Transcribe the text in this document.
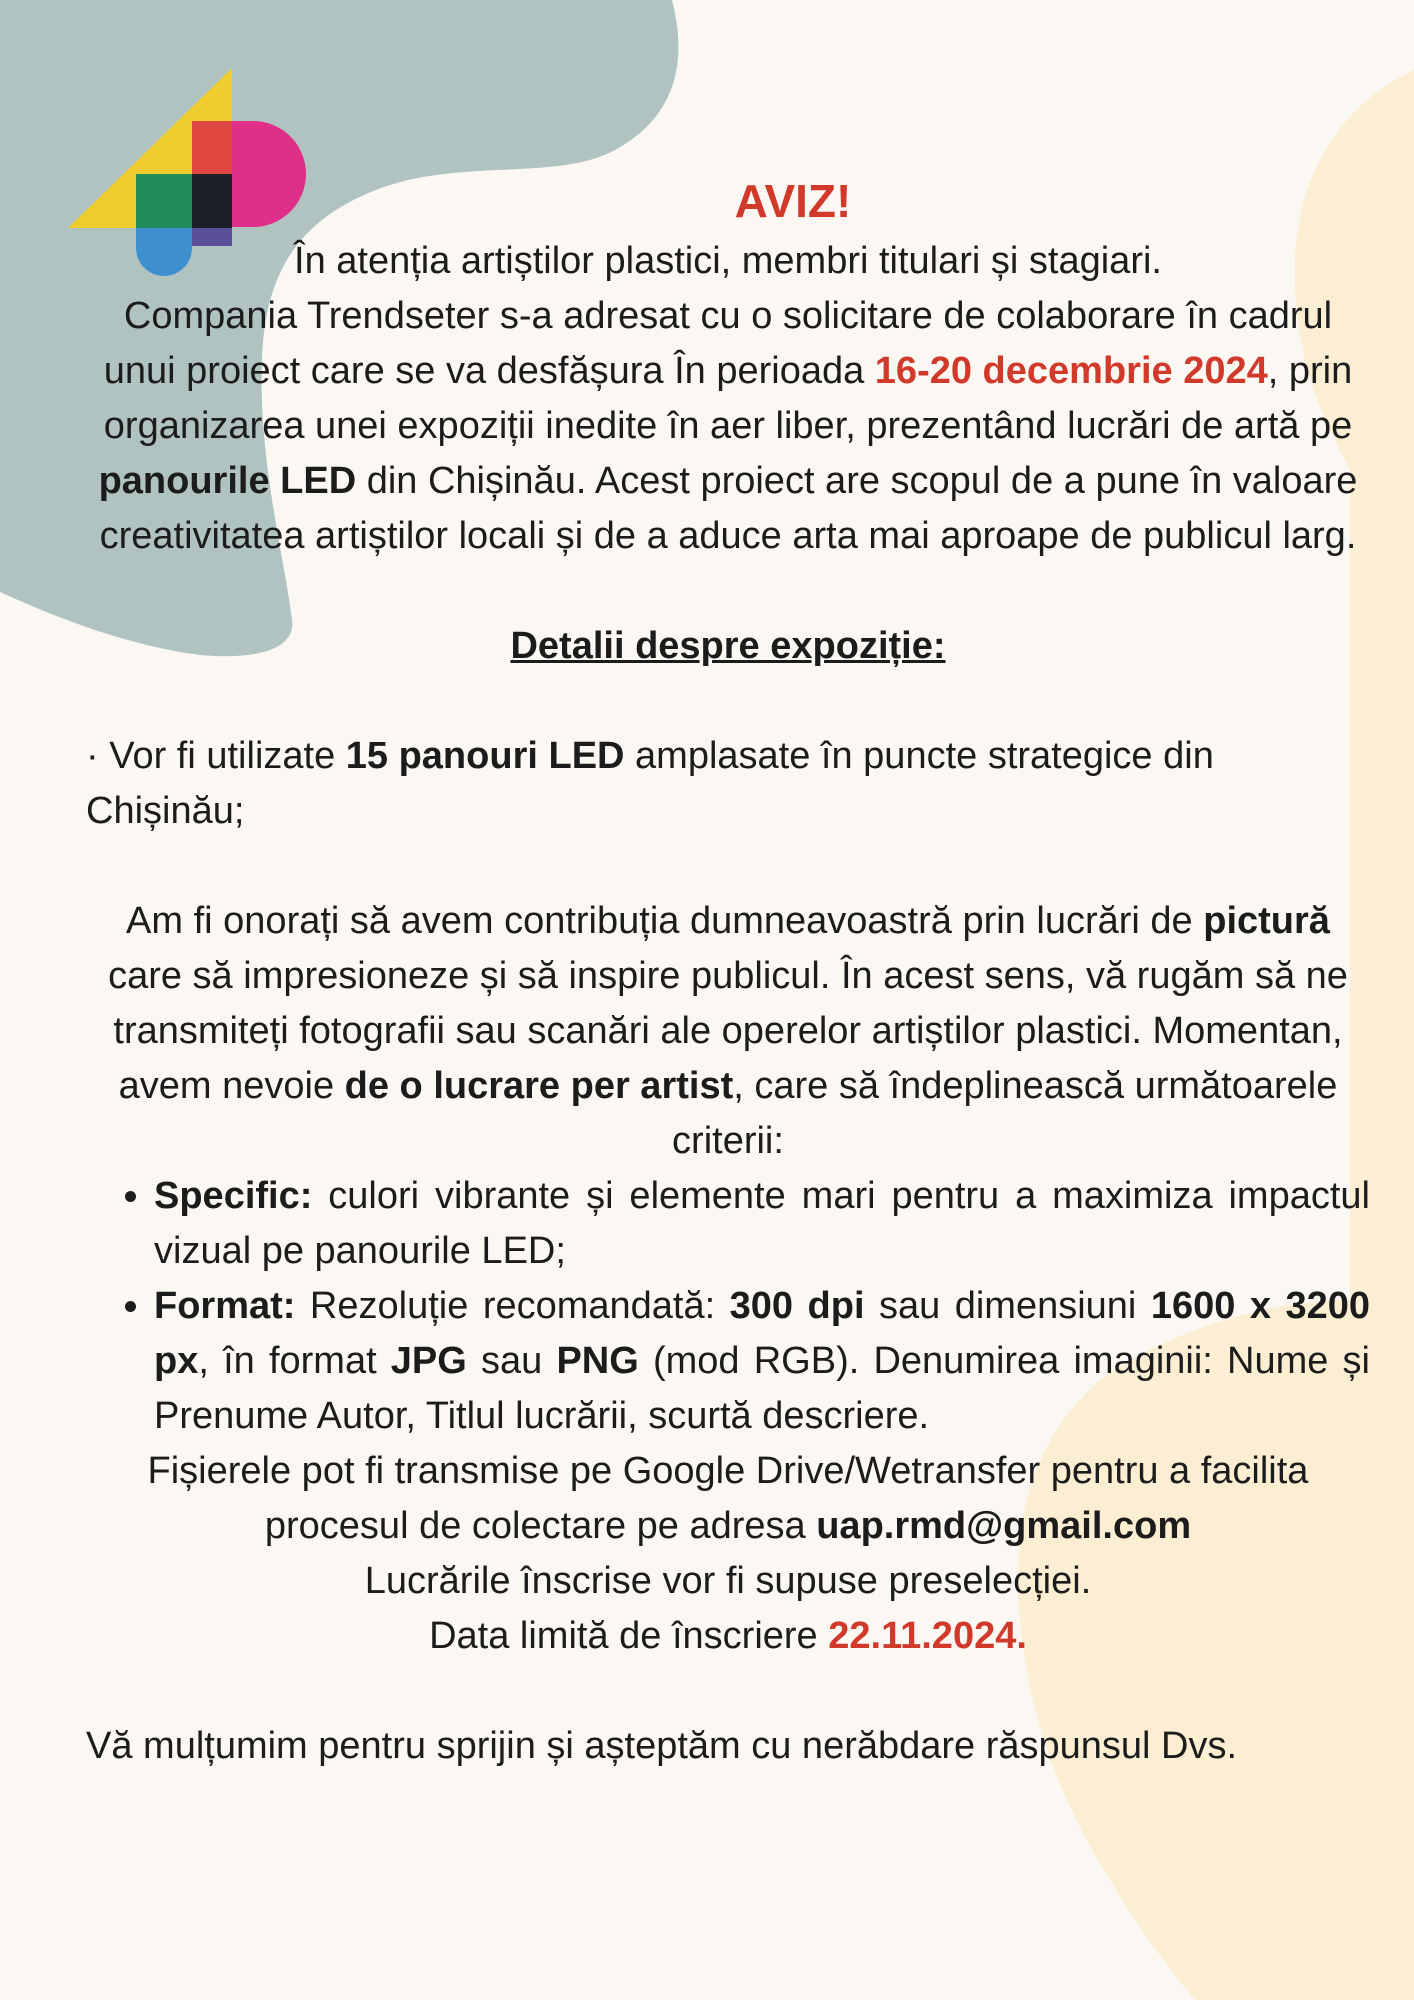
AVIZ!

În atenția artiștilor plastici, membri titulari și stagiari.

Compania Trendseter s-a adresat cu o solicitare de colaborare în cadrul unui proiect care se va desfășura În perioada 16-20 decembrie 2024, prin organizarea unei expoziții inedite în aer liber, prezentând lucrări de artă pe panourile LED din Chișinău. Acest proiect are scopul de a pune în valoare creativitatea artiștilor locali și de a aduce arta mai aproape de publicul larg.

Detalii despre expoziție:

· Vor fi utilizate 15 panouri LED amplasate în puncte strategice din Chișinău;

Am fi onorați să avem contribuția dumneavoastră prin lucrări de pictură care să impresioneze și să inspire publicul. În acest sens, vă rugăm să ne transmiteți fotografii sau scanări ale operelor artiștilor plastici. Momentan, avem nevoie de o lucrare per artist, care să îndeplinească următoarele criterii:

• Specific: culori vibrante și elemente mari pentru a maximiza impactul vizual pe panourile LED;
• Format: Rezoluție recomandată: 300 dpi sau dimensiuni 1600 x 3200 px, în format JPG sau PNG (mod RGB). Denumirea imaginii: Nume și Prenume Autor, Titlul lucrării, scurtă descriere.

Fișierele pot fi transmise pe Google Drive/Wetransfer pentru a facilita procesul de colectare pe adresa uap.rmd@gmail.com

Lucrările înscrise vor fi supuse preselecției.

Data limită de înscriere 22.11.2024.

Vă mulțumim pentru sprijin și așteptăm cu nerăbdare răspunsul Dvs.
